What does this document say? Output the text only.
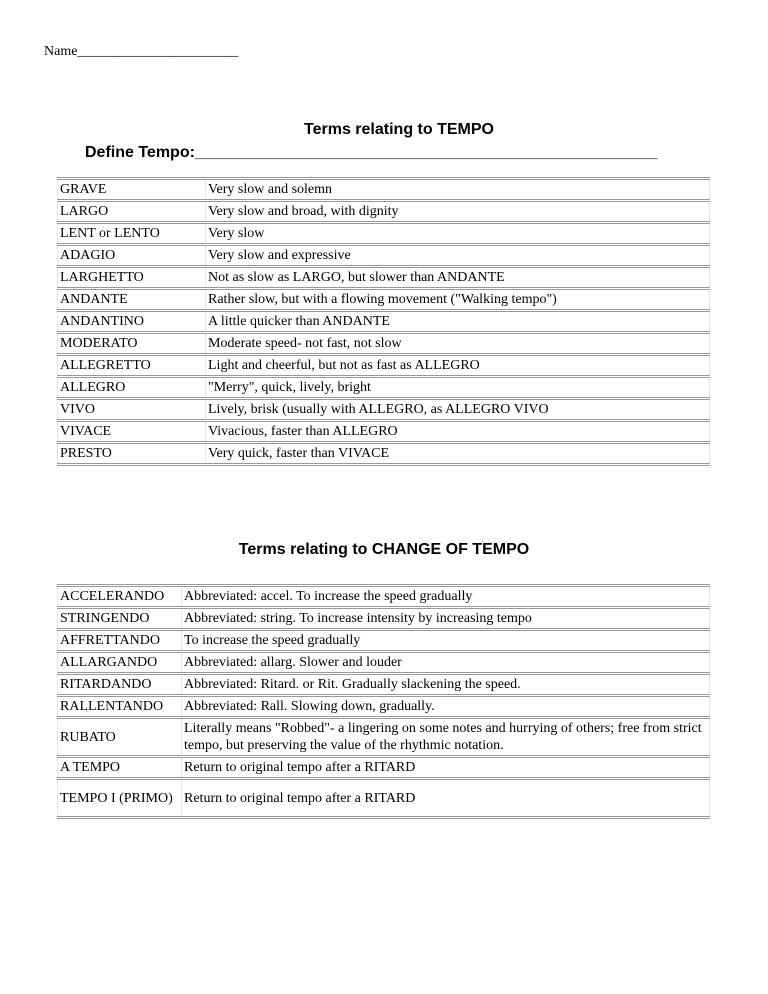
Name_______________________
Terms relating to TEMPO
Define Tempo:____________________________________________________
GRAVE	Very slow and solemn
LARGO	Very slow and broad, with dignity
LENT or LENTO	Very slow
ADAGIO	Very slow and expressive
LARGHETTO	Not as slow as LARGO, but slower than ANDANTE
ANDANTE	Rather slow, but with a flowing movement ("Walking tempo")
ANDANTINO	A little quicker than ANDANTE
MODERATO	Moderate speed- not fast, not slow
ALLEGRETTO	Light and cheerful, but not as fast as ALLEGRO
ALLEGRO	"Merry", quick, lively, bright
VIVO	Lively, brisk (usually with ALLEGRO, as ALLEGRO VIVO
VIVACE	Vivacious, faster than ALLEGRO
PRESTO	Very quick, faster than VIVACE
Terms relating to CHANGE OF TEMPO
ACCELERANDO	Abbreviated: accel. To increase the speed gradually
STRINGENDO	Abbreviated: string. To increase intensity by increasing tempo
AFFRETTANDO	To increase the speed gradually
ALLARGANDO	Abbreviated: allarg. Slower and louder
RITARDANDO	Abbreviated: Ritard. or Rit. Gradually slackening the speed.
RALLENTANDO	Abbreviated: Rall. Slowing down, gradually.
RUBATO	Literally means "Robbed"- a lingering on some notes and hurrying of others; free from strict tempo, but preserving the value of the rhythmic notation.
A TEMPO	Return to original tempo after a RITARD
TEMPO I (PRIMO)	Return to original tempo after a RITARD
